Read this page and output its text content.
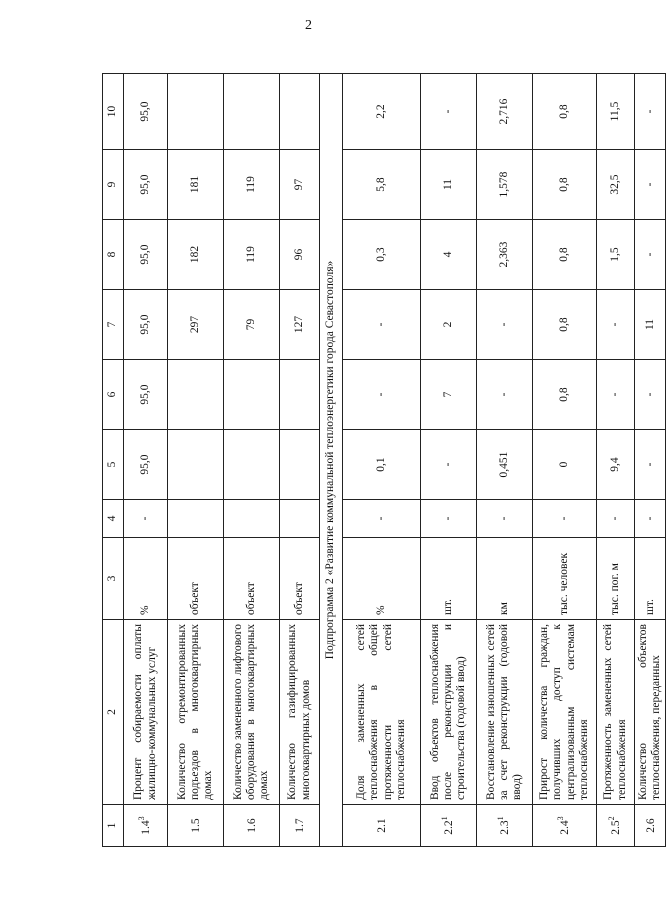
2
1	2	3	4	5	6	7	8	9	10
$1.4^3$	Процент собираемости оплаты жилищно-коммунальных услуг	%	-	95,0	95,0	95,0	95,0	95,0	95,0
1.5	Количество отремонтированных подъездов в многоквартирных домах	объект				297	182	181	
1.6	Количество замененного лифтового оборудования в многоквартирных домах	объект				79	119	119	
1.7	Количество газифицированных многоквартирных домов	объект				127	96	97	
Подпрограмма 2 «Развитие коммунальной теплоэнергетики города Севастополя»									
2.1	Доля замененных сетей теплоснабжения в общей протяженности сетей теплоснабжения	%	-	0,1	-	-	0,3	5,8	2,2
$2.2^1$	Ввод объектов теплоснабжения после реконструкции и строительства (годовой ввод)	шт.	-	-	7	2	4	11	-
$2.3^1$	Восстановление изношенных сетей за счет реконструкции (годовой ввод)	км	-	0,451	-	-	2,363	1,578	2,716
$2.4^3$	Прирост количества граждан, получивших доступ к централизованным системам теплоснабжения	тыс. человек	-	0	0,8	0,8	0,8	0,8	0,8
$2.5^2$	Протяженность замененных сетей теплоснабжения	тыс. пог. м	-	9,4	-	-	1,5	32,5	11,5
2.6	Количество объектов теплоснабжения, переданных	шт.	-	-	-	11	-	-	-
